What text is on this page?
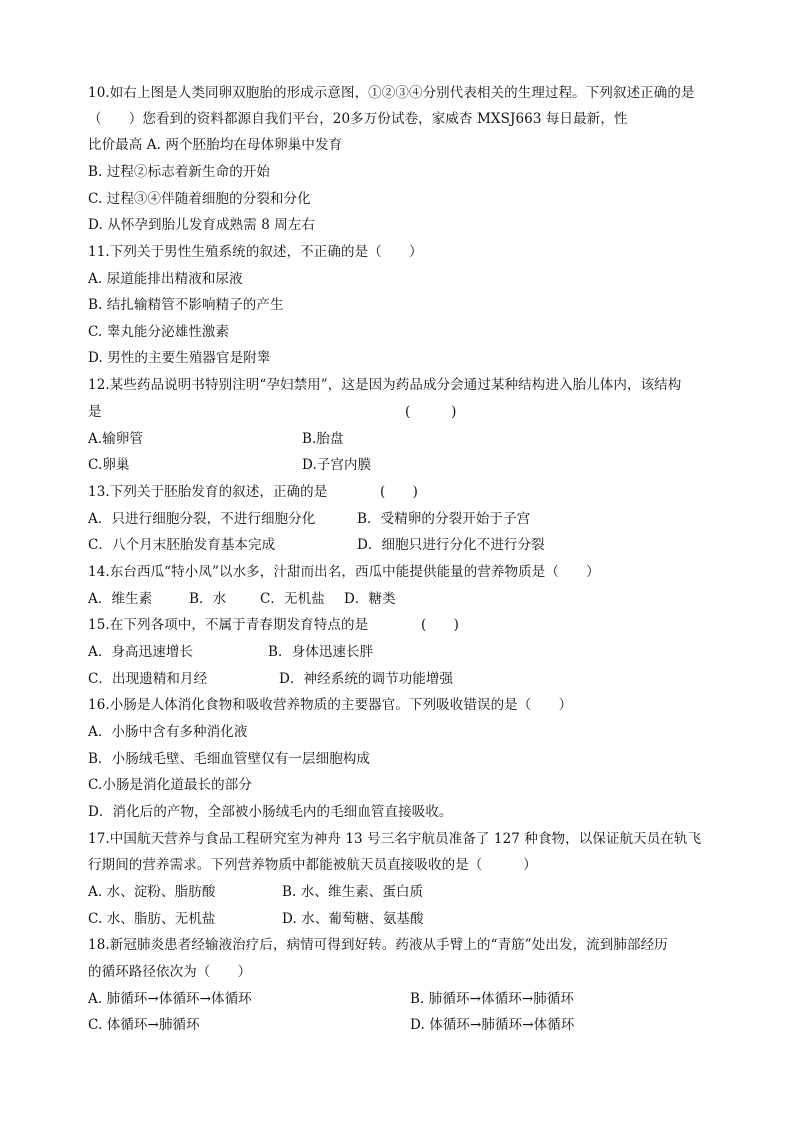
10.如右上图是人类同卵双胞胎的形成示意图，①②③④分别代表相关的生理过程。下列叙述正确的是
（　　）您看到的资料都源自我们平台，20多万份试卷，家威杏 MXSJ663 每日最新，性
比价最高 A. 两个胚胎均在母体卵巢中发育
B. 过程②标志着新生命的开始
C. 过程③④伴随着细胞的分裂和分化
D. 从怀孕到胎儿发育成熟需 8 周左右
11.下列关于男性生殖系统的叙述，不正确的是（　　）
A. 尿道能排出精液和尿液
B. 结扎输精管不影响精子的产生
C. 睾丸能分泌雄性激素
D. 男性的主要生殖器官是附睾
12.某些药品说明书特别注明“孕妇禁用”，这是因为药品成分会通过某种结构进入胎儿体内，该结构
是	(　　　)
A.输卵管	B.胎盘
C.卵巢	D.子宫内膜
13.下列关于胚胎发育的叙述，正确的是	(　　)
A．只进行细胞分裂，不进行细胞分化	B．受精卵的分裂开始于子宫
C．八个月末胚胎发育基本完成	D．细胞只进行分化不进行分裂
14.东台西瓜“特小凤”以水多，汁甜而出名，西瓜中能提供能量的营养物质是（　　）
A．维生素	B．水	C．无机盐 D．糖类
15.在下列各项中，不属于青春期发育特点的是	(　　)
A．身高迅速增长	B．身体迅速长胖
C．出现遗精和月经	D．神经系统的调节功能增强
16.小肠是人体消化食物和吸收营养物质的主要器官。下列吸收错误的是（　　）
A．小肠中含有多种消化液
B．小肠绒毛壁、毛细血管壁仅有一层细胞构成
C.小肠是消化道最长的部分
D．消化后的产物，全部被小肠绒毛内的毛细血管直接吸收。
17.中国航天营养与食品工程研究室为神舟 13 号三名宇航员准备了 127 种食物，以保证航天员在轨飞
行期间的营养需求。下列营养物质中都能被航天员直接吸收的是（　　　）
A. 水、淀粉、脂肪酸	B. 水、维生素、蛋白质
C. 水、脂肪、无机盐	D. 水、葡萄糖、氨基酸
18.新冠肺炎患者经输液治疗后，病情可得到好转。药液从手臂上的“青筋”处出发，流到肺部经历
的循环路径依次为（　　）
A. 肺循环→体循环→体循环	B. 肺循环→体循环→肺循环
C. 体循环→肺循环	D. 体循环→肺循环→体循环
